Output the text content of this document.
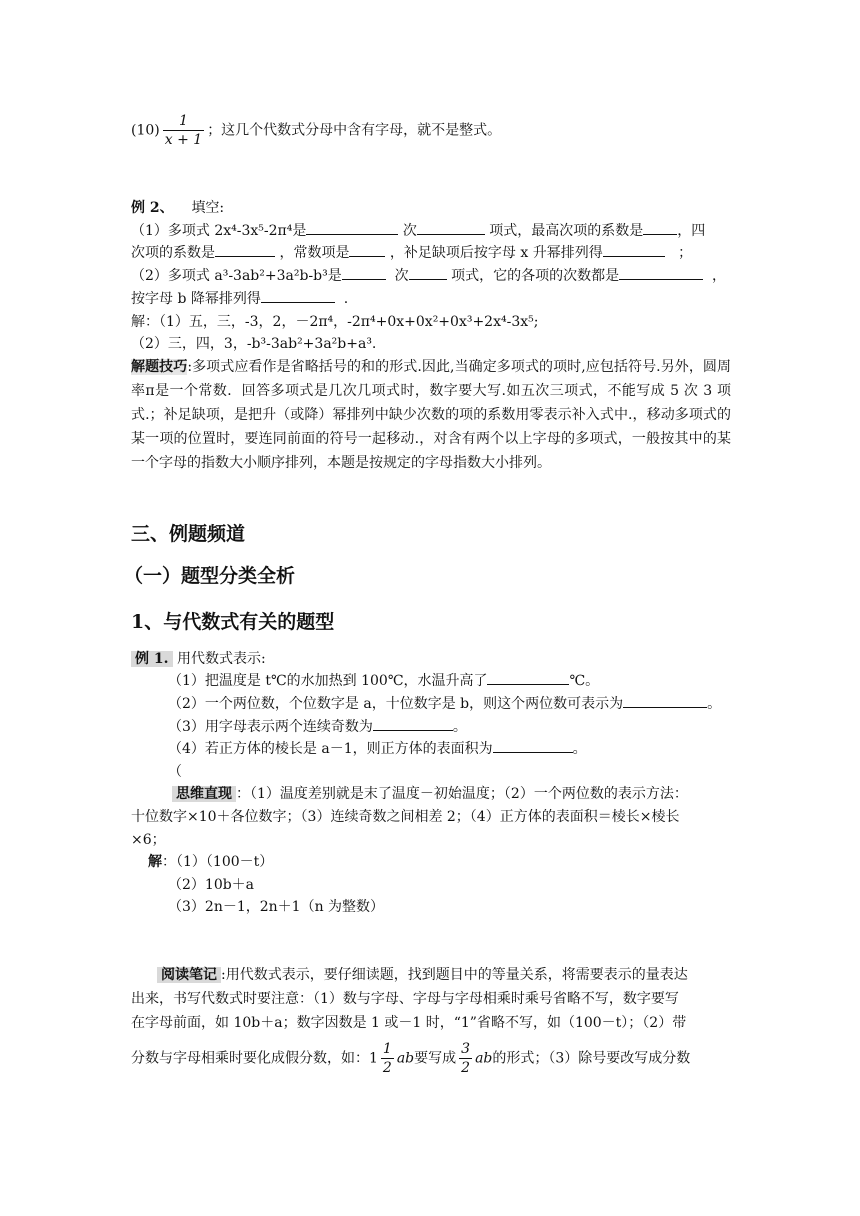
$(10) \frac{1}{x + 1}$ ；这几个代数式分母中含有字母，就不是整式。
例 2、 填空:
（1）多项式 2x⁴-3x⁵-2π⁴是	次	项式，最高次项的系数是 ，四
次项的系数是	，常数项是	，补足缺项后按字母 x 升幂排列得	；
（2）多项式 a³-3ab²+3a²b-b³是	次	项式，它的各项的次数都是	，
按字母 b 降幂排列得	.
解：（1）五，三，-3，2，－2π⁴，-2π⁴+0x+0x²+0x³+2x⁴-3x⁵;
（2）三，四，3，-b³-3ab²+3a²b+a³.
解题技巧:多项式应看作是省略括号的和的形式.因此,当确定多项式的项时,应包括符号.另外，圆周率π是一个常数．回答多项式是几次几项式时，数字要大写.如五次三项式，不能写成 5 次 3 项式.；补足缺项，是把升（或降）幂排列中缺少次数的项的系数用零表示补入式中.，移动多项式的某一项的位置时，要连同前面的符号一起移动.，对含有两个以上字母的多项式，一般按其中的某一个字母的指数大小顺序排列，本题是按规定的字母指数大小排列。
三、例题频道
（一）题型分类全析
1、与代数式有关的题型
例 1. 用代数式表示:
（1）把温度是 t℃的水加热到 100℃，水温升高了	℃。
（2）一个两位数，个位数字是 a，十位数字是 b，则这个两位数可表示为	。
（3）用字母表示两个连续奇数为	。
（4）若正方体的棱长是 a－1，则正方体的表面积为	。
（
思维直现 ：（1）温度差别就是末了温度－初始温度；（2）一个两位数的表示方法：
十位数字×10＋各位数字；（3）连续奇数之间相差 2；（4）正方体的表面积＝棱长×棱长
×6；
解：（1）（100－t）
（2）10b＋a
（3）2n－1，2n＋1（n 为整数）
阅读笔记 :用代数式表示，要仔细读题，找到题目中的等量关系，将需要表示的量表达
出来，书写代数式时要注意：（1）数与字母、字母与字母相乘时乘号省略不写，数字要写
在字母前面，如 10b＋a；数字因数是 1 或－1 时，“1”省略不写，如（100－t）；（2）带
分数与字母相乘时要化成假分数，如：$1 \frac{1}{2}$ ab要写成 $\frac{3}{2}$ ab的形式；（3）除号要改写成分数
